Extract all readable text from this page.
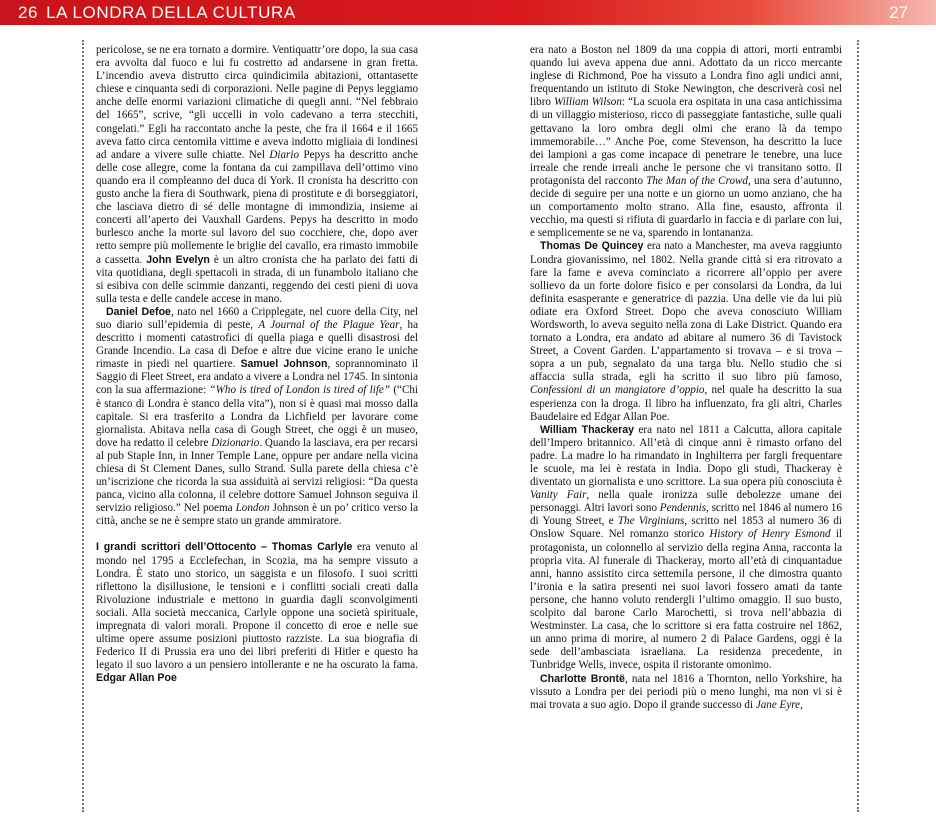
26 LA LONDRA DELLA CULTURA	27

pericolose, se ne era tornato a dormire. Ventiquattr’ore dopo, la sua casa era avvolta dal fuoco e lui fu costretto ad andarsene in gran fretta. L’incendio aveva distrutto circa quindicimila abitazioni, ottantasette chiese e cinquanta sedi di corporazioni. Nelle pagine di Pepys leggiamo anche delle enormi variazioni climatiche di quegli anni. “Nel febbraio del 1665”, scrive, “gli uccelli in volo cadevano a terra stecchiti, congelati.” Egli ha raccontato anche la peste, che fra il 1664 e il 1665 aveva fatto circa centomila vittime e aveva indotto migliaia di londinesi ad andare a vivere sulle chiatte. Nel Diario Pepys ha descritto anche delle cose allegre, come la fontana da cui zampillava dell’ottimo vino quando era il compleanno del duca di York. Il cronista ha descritto con gusto anche la fiera di Southwark, piena di prostitute e di borseggiatori, che lasciava dietro di sé delle montagne di immondizia, insieme ai concerti all’aperto dei Vauxhall Gardens. Pepys ha descritto in modo burlesco anche la morte sul lavoro del suo cocchiere, che, dopo aver retto sempre più mollemente le briglie del cavallo, era rimasto immobile a cassetta. John Evelyn è un altro cronista che ha parlato dei fatti di vita quotidiana, degli spettacoli in strada, di un funambolo italiano che si esibiva con delle scimmie danzanti, reggendo dei cesti pieni di uova sulla testa e delle candele accese in mano.

Daniel Defoe, nato nel 1660 a Cripplegate, nel cuore della City, nel suo diario sull’epidemia di peste, A Journal of the Plague Year, ha descritto i momenti catastrofici di quella piaga e quelli disastrosi del Grande Incendio. La casa di Defoe e altre due vicine erano le uniche rimaste in piedi nel quartiere. Samuel Johnson, soprannominato il Saggio di Fleet Street, era andato a vivere a Londra nel 1745. In sintonia con la sua affermazione: “Who is tired of London is tired of life” (“Chi è stanco di Londra è stanco della vita”), non si è quasi mai mosso dalla capitale. Si era trasferito a Londra da Lichfield per lavorare come giornalista. Abitava nella casa di Gough Street, che oggi è un museo, dove ha redatto il celebre Dizionario. Quando la lasciava, era per recarsi al pub Staple Inn, in Inner Temple Lane, oppure per andare nella vicina chiesa di St Clement Danes, sullo Strand. Sulla parete della chiesa c’è un’iscrizione che ricorda la sua assiduità ai servizi religiosi: “Da questa panca, vicino alla colonna, il celebre dottore Samuel Johnson seguiva il servizio religioso.” Nel poema London Johnson è un po’ critico verso la città, anche se ne è sempre stato un grande ammiratore.

I grandi scrittori dell’Ottocento – Thomas Carlyle era venuto al mondo nel 1795 a Ecclefechan, in Scozia, ma ha sempre vissuto a Londra. È stato uno storico, un saggista e un filosofo. I suoi scritti riflettono la disillusione, le tensioni e i conflitti sociali creati dalla Rivoluzione industriale e mettono in guardia dagli sconvolgimenti sociali. Alla società meccanica, Carlyle oppone una società spirituale, impregnata di valori morali. Propone il concetto di eroe e nelle sue ultime opere assume posizioni piuttosto razziste. La sua biografia di Federico II di Prussia era uno dei libri preferiti di Hitler e questo ha legato il suo lavoro a un pensiero intollerante e ne ha oscurato la fama. Edgar Allan Poe

era nato a Boston nel 1809 da una coppia di attori, morti entrambi quando lui aveva appena due anni. Adottato da un ricco mercante inglese di Richmond, Poe ha vissuto a Londra fino agli undici anni, frequentando un istituto di Stoke Newington, che descriverà così nel libro William Wilson: “La scuola era ospitata in una casa antichissima di un villaggio misterioso, ricco di passeggiate fantastiche, sulle quali gettavano la loro ombra degli olmi che erano là da tempo immemorabile…” Anche Poe, come Stevenson, ha descritto la luce dei lampioni a gas come incapace di penetrare le tenebre, una luce irreale che rende irreali anche le persone che vi transitano sotto. Il protagonista del racconto The Man of the Crowd, una sera d’autunno, decide di seguire per una notte e un giorno un uomo anziano, che ha un comportamento molto strano. Alla fine, esausto, affronta il vecchio, ma questi si rifiuta di guardarlo in faccia e di parlare con lui, e semplicemente se ne va, sparendo in lontananza.

Thomas De Quincey era nato a Manchester, ma aveva raggiunto Londra giovanissimo, nel 1802. Nella grande città si era ritrovato a fare la fame e aveva cominciato a ricorrere all’oppio per avere sollievo da un forte dolore fisico e per consolarsi da Londra, da lui definita esasperante e generatrice di pazzia. Una delle vie da lui più odiate era Oxford Street. Dopo che aveva conosciuto William Wordsworth, lo aveva seguito nella zona di Lake District. Quando era tornato a Londra, era andato ad abitare al numero 36 di Tavistock Street, a Covent Garden. L’appartamento si trovava – e si trova – sopra a un pub, segnalato da una targa blu. Nello studio che si affaccia sulla strada, egli ha scritto il suo libro più famoso, Confessioni di un mangiatore d’oppio, nel quale ha descritto la sua esperienza con la droga. Il libro ha influenzato, fra gli altri, Charles Baudelaire ed Edgar Allan Poe.

William Thackeray era nato nel 1811 a Calcutta, allora capitale dell’Impero britannico. All’età di cinque anni è rimasto orfano del padre. La madre lo ha rimandato in Inghilterra per fargli frequentare le scuole, ma lei è restata in India. Dopo gli studi, Thackeray è diventato un giornalista e uno scrittore. La sua opera più conosciuta è Vanity Fair, nella quale ironizza sulle debolezze umane dei personaggi. Altri lavori sono Pendennis, scritto nel 1846 al numero 16 di Young Street, e The Virginians, scritto nel 1853 al numero 36 di Onslow Square. Nel romanzo storico History of Henry Esmond il protagonista, un colonnello al servizio della regina Anna, racconta la propria vita. Al funerale di Thackeray, morto all’età di cinquantadue anni, hanno assistito circa settemila persone, il che dimostra quanto l’ironia e la satira presenti nei suoi lavori fossero amati da tante persone, che hanno voluto rendergli l’ultimo omaggio. Il suo busto, scolpito dal barone Carlo Marochetti, si trova nell’abbazia di Westminster. La casa, che lo scrittore si era fatta costruire nel 1862, un anno prima di morire, al numero 2 di Palace Gardens, oggi è la sede dell’ambasciata israeliana. La residenza precedente, in Tunbridge Wells, invece, ospita il ristorante omonimo.

Charlotte Brontë, nata nel 1816 a Thornton, nello Yorkshire, ha vissuto a Londra per dei periodi più o meno lunghi, ma non vi si è mai trovata a suo agio. Dopo il grande successo di Jane Eyre,
